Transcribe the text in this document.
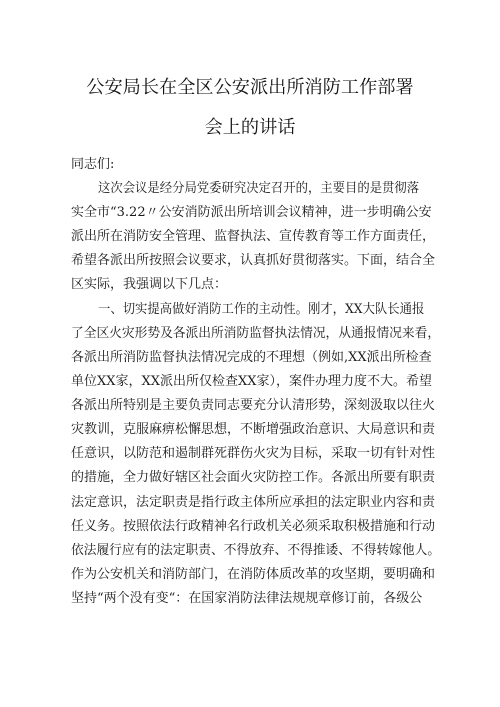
公安局长在全区公安派出所消防工作部署
会上的讲话
同志们:
这次会议是经分局党委研究决定召开的，主要目的是贯彻落
实全市“3.22〃公安消防派出所培训会议精神，进一步明确公安
派出所在消防安全管理、监督执法、宣传教育等工作方面责任，
希望各派出所按照会议要求，认真抓好贯彻落实。下面，结合全
区实际，我强调以下几点：
一、切实提高做好消防工作的主动性。刚才，XX大队长通报
了全区火灾形势及各派出所消防监督执法情况，从通报情况来看，
各派出所消防监督执法情况完成的不理想（例如,XX派出所检查
单位XX家，XX派出所仅检查XX家），案件办理力度不大。希望
各派出所特别是主要负责同志要充分认清形势，深刻汲取以往火
灾教训，克服麻痹松懈思想，不断增强政治意识、大局意识和责
任意识，以防范和遏制群死群伤火灾为目标，采取一切有针对性
的措施，全力做好辖区社会面火灾防控工作。各派出所要有职责
法定意识，法定职责是指行政主体所应承担的法定职业内容和责
任义务。按照依法行政精神名行政机关必须采取积极措施和行动
依法履行应有的法定职责、不得放弃、不得推诿、不得转嫁他人。
作为公安机关和消防部门，在消防体质改革的攻坚期，要明确和
坚持“两个没有变“：在国家消防法律法规规章修订前，各级公
